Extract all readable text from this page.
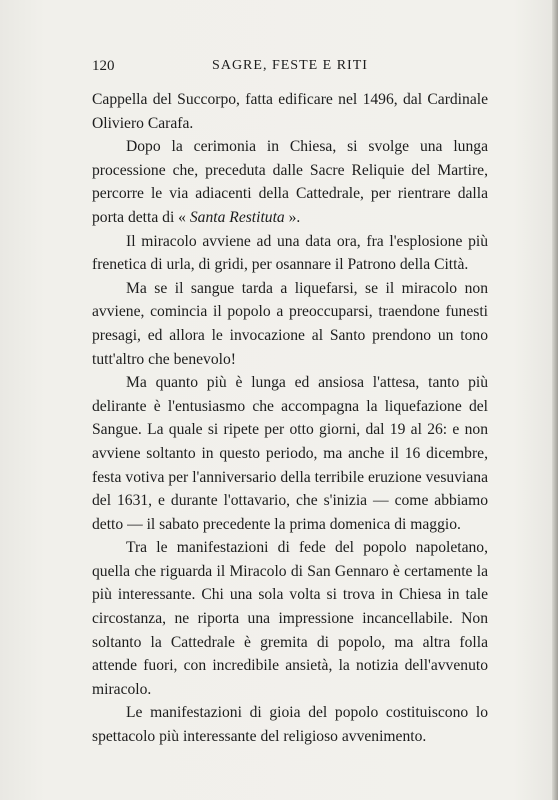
120	SAGRE, FESTE E RITI

Cappella del Succorpo, fatta edificare nel 1496, dal Cardinale Oliviero Carafa.

Dopo la cerimonia in Chiesa, si svolge una lunga processione che, preceduta dalle Sacre Reliquie del Martire, percorre le via adiacenti della Cattedrale, per rientrare dalla porta detta di « Santa Restituta ».

Il miracolo avviene ad una data ora, fra l'esplosione più frenetica di urla, di gridi, per osannare il Patrono della Città.

Ma se il sangue tarda a liquefarsi, se il miracolo non avviene, comincia il popolo a preoccuparsi, traendone funesti presagi, ed allora le invocazione al Santo prendono un tono tutt'altro che benevolo!

Ma quanto più è lunga ed ansiosa l'attesa, tanto più delirante è l'entusiasmo che accompagna la liquefazione del Sangue. La quale si ripete per otto giorni, dal 19 al 26: e non avviene soltanto in questo periodo, ma anche il 16 dicembre, festa votiva per l'anniversario della terribile eruzione vesuviana del 1631, e durante l'ottavario, che s'inizia — come abbiamo detto — il sabato precedente la prima domenica di maggio.

Tra le manifestazioni di fede del popolo napoletano, quella che riguarda il Miracolo di San Gennaro è certamente la più interessante. Chi una sola volta si trova in Chiesa in tale circostanza, ne riporta una impressione incancellabile. Non soltanto la Cattedrale è gremita di popolo, ma altra folla attende fuori, con incredibile ansietà, la notizia dell'avvenuto miracolo.

Le manifestazioni di gioia del popolo costituiscono lo spettacolo più interessante del religioso avvenimento.
